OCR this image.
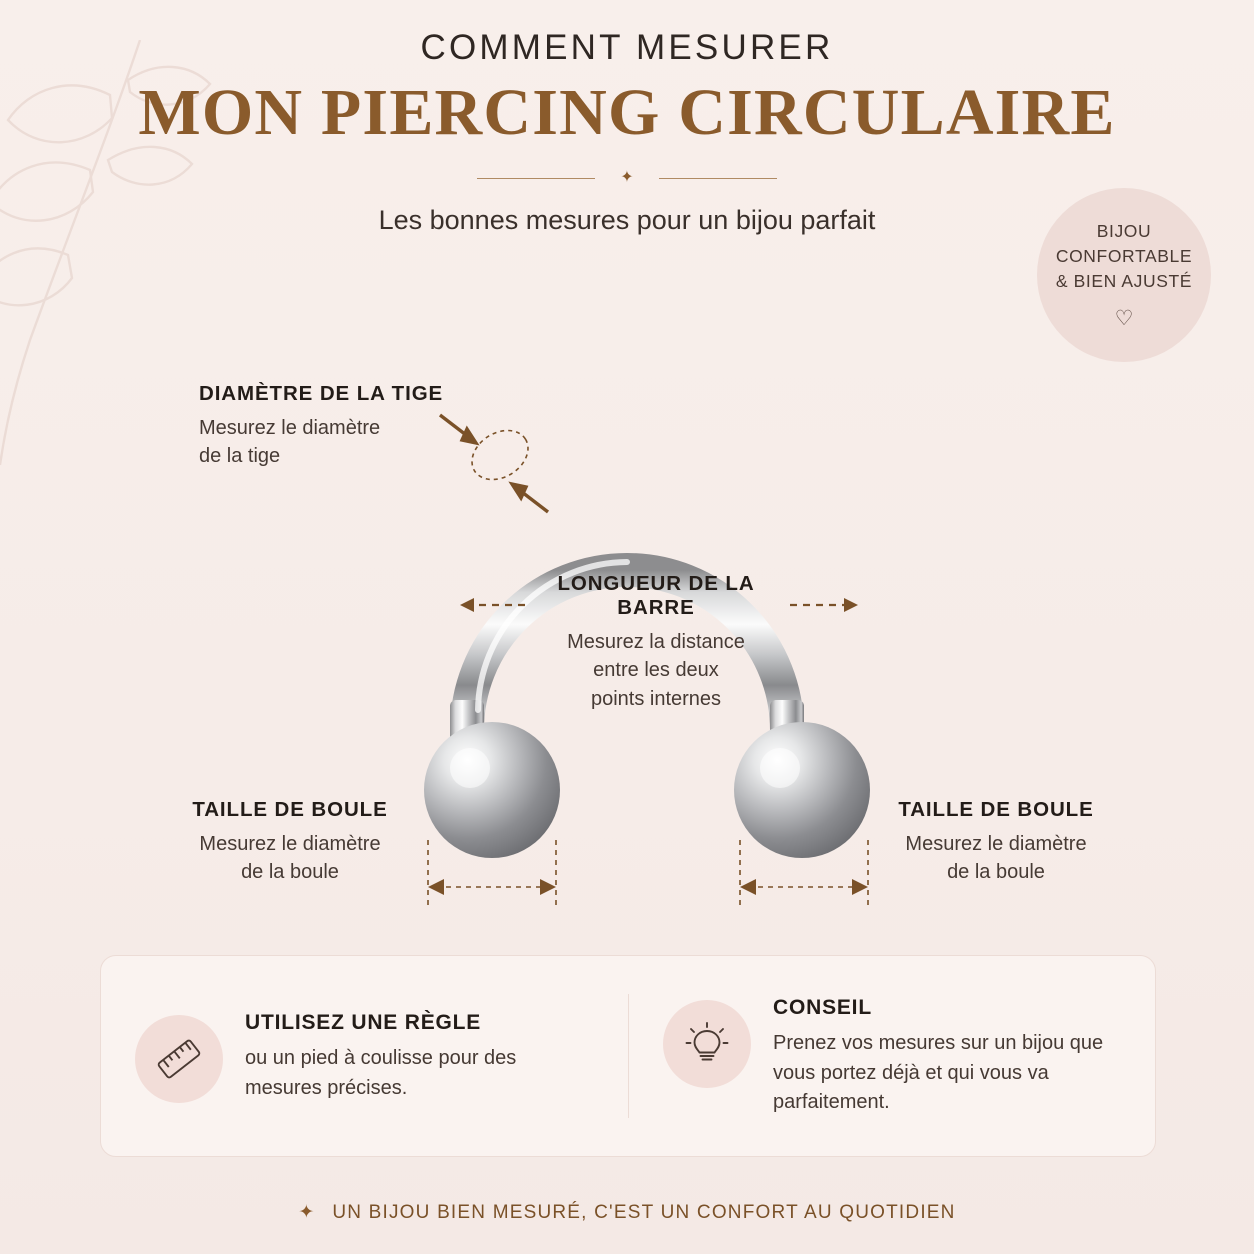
COMMENT MESURER
MON PIERCING CIRCULAIRE
✦
Les bonnes mesures pour un bijou parfait	BIJOU
CONFORTABLE
& BIEN AJUSTÉ
♡
DIAMÈTRE DE LA TIGE
Mesurez le diamètre
de la tige
LONGUEUR DE LA BARRE
Mesurez la distance
entre les deux
points internes
TAILLE DE BOULE
Mesurez le diamètre
de la boule
TAILLE DE BOULE
Mesurez le diamètre
de la boule
UTILISEZ UNE RÈGLE
ou un pied à coulisse pour des mesures précises.
CONSEIL
Prenez vos mesures sur un bijou que vous portez déjà et qui vous va parfaitement.
✦ UN BIJOU BIEN MESURÉ, C'EST UN CONFORT AU QUOTIDIEN
